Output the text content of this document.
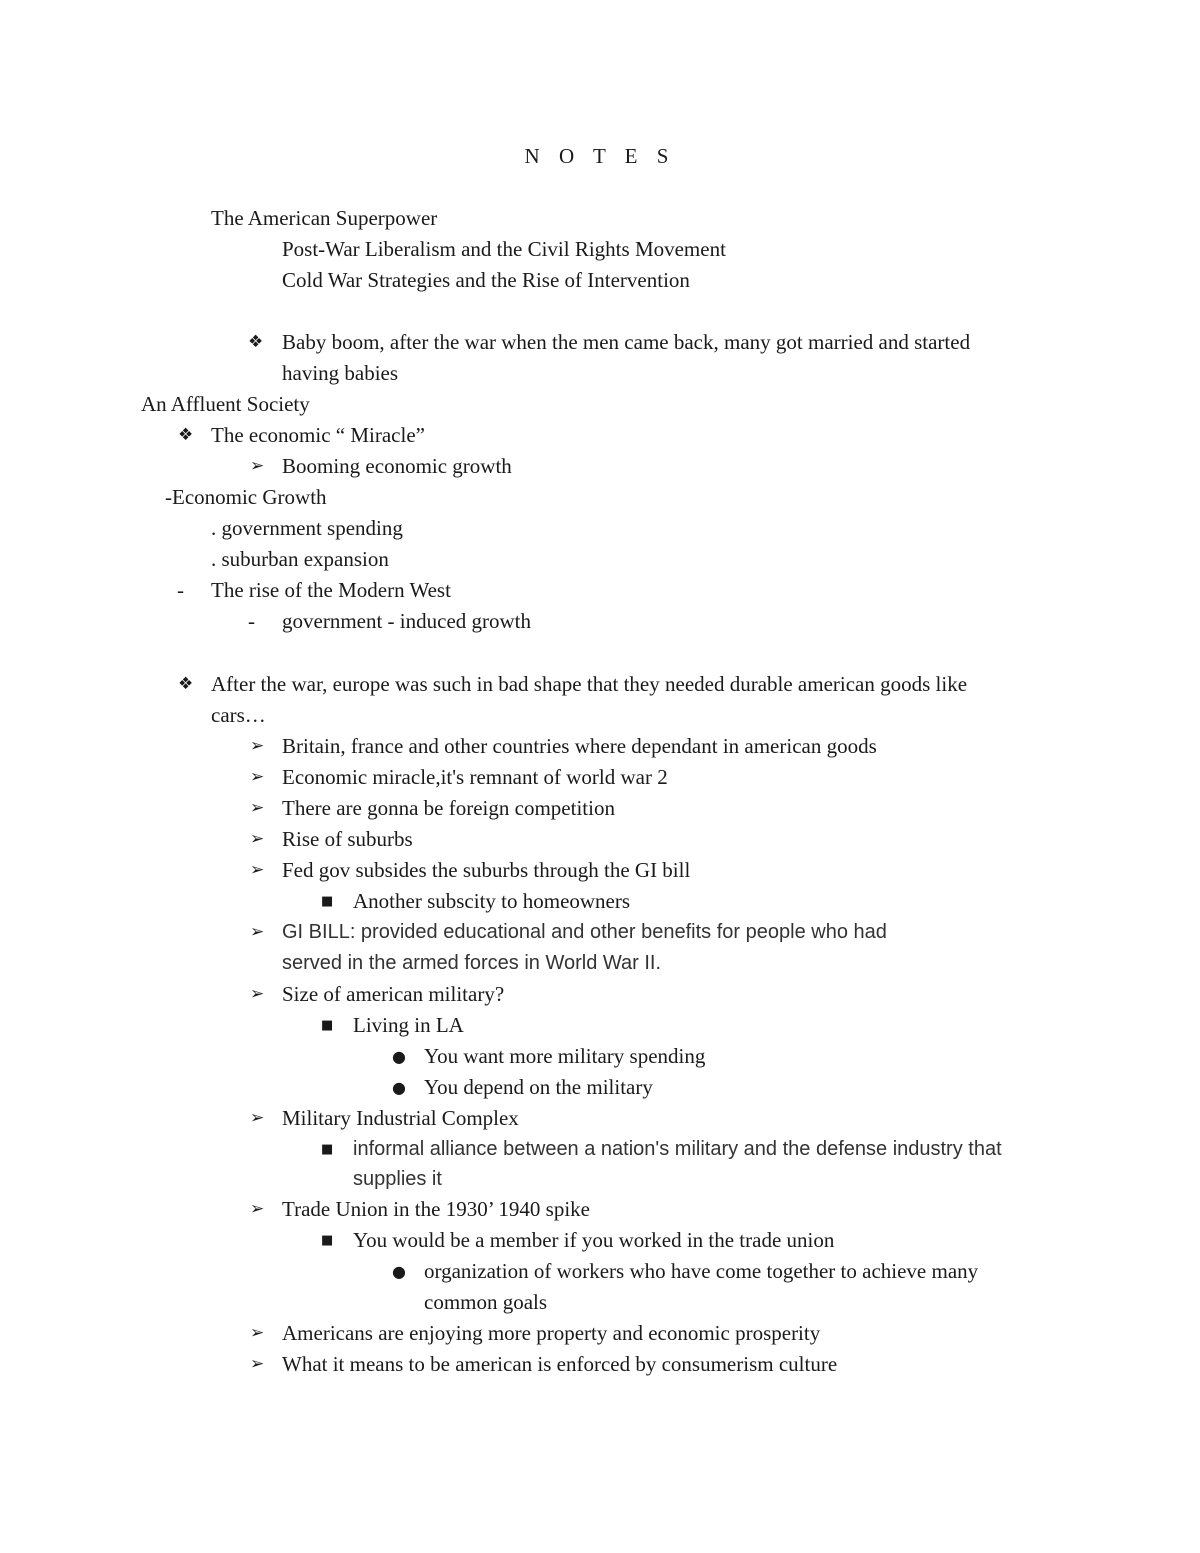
N O T E S
The American Superpower
Post-War Liberalism and the Civil Rights Movement
Cold War Strategies and the Rise of Intervention
❖ Baby boom, after the war when the men came back, many got married and started
having babies
An Affluent Society
❖ The economic “ Miracle”
➢ Booming economic growth
-Economic Growth
. government spending
. suburban expansion
- The rise of the Modern West
- government - induced growth
❖ After the war, europe was such in bad shape that they needed durable american goods like
cars…
➢ Britain, france and other countries where dependant in american goods
➢ Economic miracle,it's remnant of world war 2
➢ There are gonna be foreign competition
➢ Rise of suburbs
➢ Fed gov subsides the suburbs through the GI bill
■ Another subscity to homeowners
➢ GI BILL: provided educational and other benefits for people who had
served in the armed forces in World War II.
➢ Size of american military?
■ Living in LA
● You want more military spending
● You depend on the military
➢ Military Industrial Complex
■ informal alliance between a nation's military and the defense industry that
supplies it
➢ Trade Union in the 1930’ 1940 spike
■ You would be a member if you worked in the trade union
● organization of workers who have come together to achieve many
common goals
➢ Americans are enjoying more property and economic prosperity
➢ What it means to be american is enforced by consumerism culture
